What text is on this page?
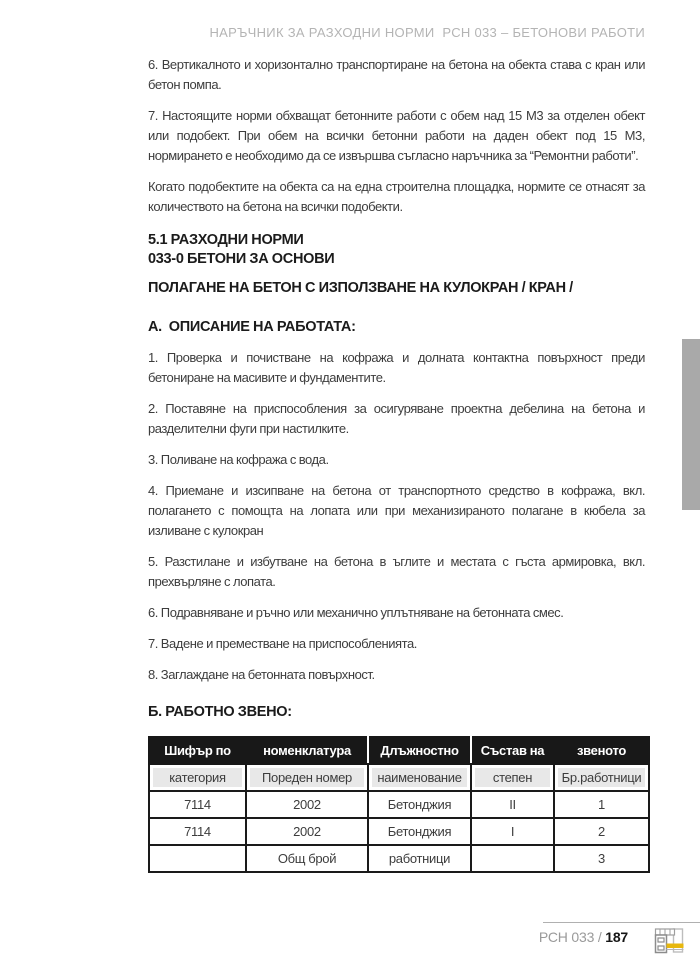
НАРЪЧНИК ЗА РАЗХОДНИ НОРМИ  РСН 033 – БЕТОНОВИ РАБОТИ

6. Вертикалното и хоризонтално транспортиране на бетона на обекта става с кран или бетон помпа.

7. Настоящите норми обхващат бетонните работи с обем над 15 М3 за отделен обект или подобект. При обем на всички бетонни работи на даден обект под 15 М3, нормирането е необходимо да се извършва съгласно наръчника за “Ремонтни работи”.

Когато подобектите на обекта са на една строителна площадка, нормите се отнасят за количеството на бетона на всички подобекти.

5.1 РАЗХОДНИ НОРМИ
033-0 БЕТОНИ ЗА ОСНОВИ
ПОЛАГАНЕ НА БЕТОН С ИЗПОЛЗВАНЕ НА КУЛОКРАН / КРАН /
А.  ОПИСАНИЕ НА РАБОТАТА:

1. Проверка и почистване на кофража и долната контактна повърхност преди бетониране на масивите и фундаментите.

2. Поставяне на приспособления за осигуряване проектна дебелина на бетона и разделителни фуги при настилките.

3. Поливане на кофража с вода.

4. Приемане и изсипване на бетона от транспортното средство в кофража, вкл. полагането с помощта на лопата или при механизираното полагане в кюбела за изливане с кулокран

5. Разстилане и избутване на бетона в ъглите и местата с гъста армировка, вкл. прехвърляне с лопата.

6. Подравняване и ръчно или механично уплътняване на бетонната смес.

7. Вадене и преместване на приспособленията.

8. Заглаждане на бетонната повърхност.

Б. РАБОТНО ЗВЕНО:
Шифър по	номенклатура	Длъжностно	Състав на	звеното
категория	Пореден номер	наименование	степен	Бр.работници
7114	2002	Бетонджия	II	1
7114	2002	Бетонджия	I	2
	Общ брой	работници		3
РСН 033 / 187
